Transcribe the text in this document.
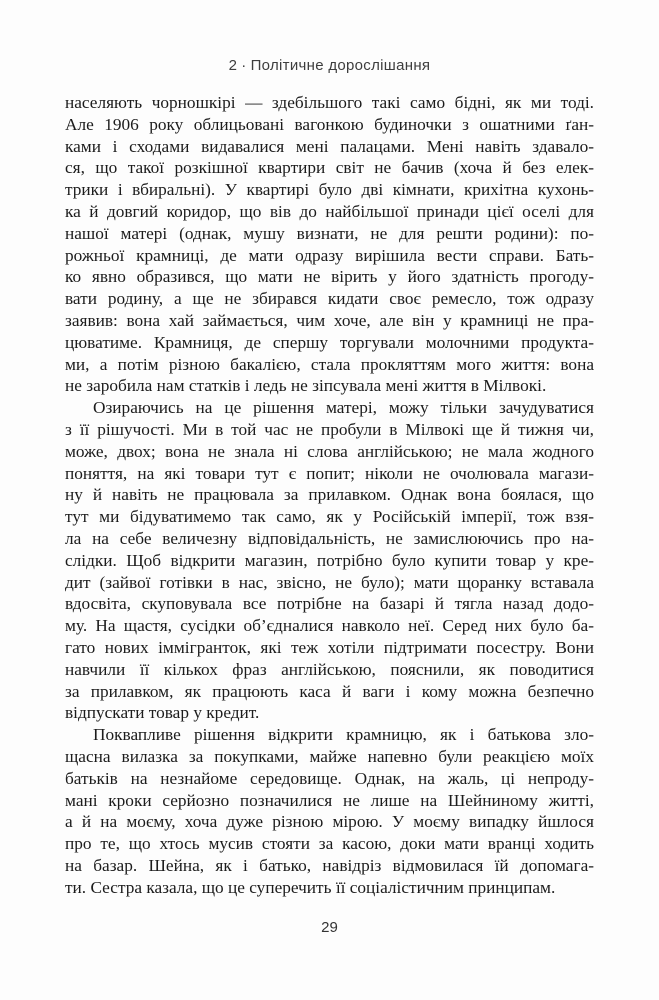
2 · Політичне дорослішання
населяють чорношкірі — здебільшого такі само бідні, як ми тоді.
Але 1906 року облицьовані вагонкою будиночки з ошатними ґан-
ками і сходами видавалися мені палацами. Мені навіть здавало-
ся, що такої розкішної квартири світ не бачив (хоча й без елек-
трики і вбиральні). У квартирі було дві кімнати, крихітна кухонь-
ка й довгий коридор, що вів до найбільшої принади цієї оселі для
нашої матері (однак, мушу визнати, не для решти родини): по-
рожньої крамниці, де мати одразу вирішила вести справи. Бать-
ко явно образився, що мати не вірить у його здатність прогоду-
вати родину, а ще не збирався кидати своє ремесло, тож одразу
заявив: вона хай займається, чим хоче, але він у крамниці не пра-
цюватиме. Крамниця, де спершу торгували молочними продукта-
ми, а потім різною бакалією, стала прокляттям мого життя: вона
не заробила нам статків і ледь не зіпсувала мені життя в Мілвокі.
Озираючись на це рішення матері, можу тільки зачудуватися
з її рішучості. Ми в той час не пробули в Мілвокі ще й тижня чи,
може, двох; вона не знала ні слова англійською; не мала жодного
поняття, на які товари тут є попит; ніколи не очолювала магази-
ну й навіть не працювала за прилавком. Однак вона боялася, що
тут ми бідуватимемо так само, як у Російській імперії, тож взя-
ла на себе величезну відповідальність, не замислюючись про на-
слідки. Щоб відкрити магазин, потрібно було купити товар у кре-
дит (зайвої готівки в нас, звісно, не було); мати щоранку вставала
вдосвіта, скуповувала все потрібне на базарі й тягла назад додо-
му. На щастя, сусідки об’єдналися навколо неї. Серед них було ба-
гато нових іммігранток, які теж хотіли підтримати посестру. Вони
навчили її кількох фраз англійською, пояснили, як поводитися
за прилавком, як працюють каса й ваги і кому можна безпечно
відпускати товар у кредит.
Поквапливе рішення відкрити крамницю, як і батькова зло-
щасна вилазка за покупками, майже напевно були реакцією моїх
батьків на незнайоме середовище. Однак, на жаль, ці непроду-
мані кроки серйозно позначилися не лише на Шейниному житті,
а й на моєму, хоча дуже різною мірою. У моєму випадку йшлося
про те, що хтось мусив стояти за касою, доки мати вранці ходить
на базар. Шейна, як і батько, навідріз відмовилася їй допомага-
ти. Сестра казала, що це суперечить її соціалістичним принципам.
29
